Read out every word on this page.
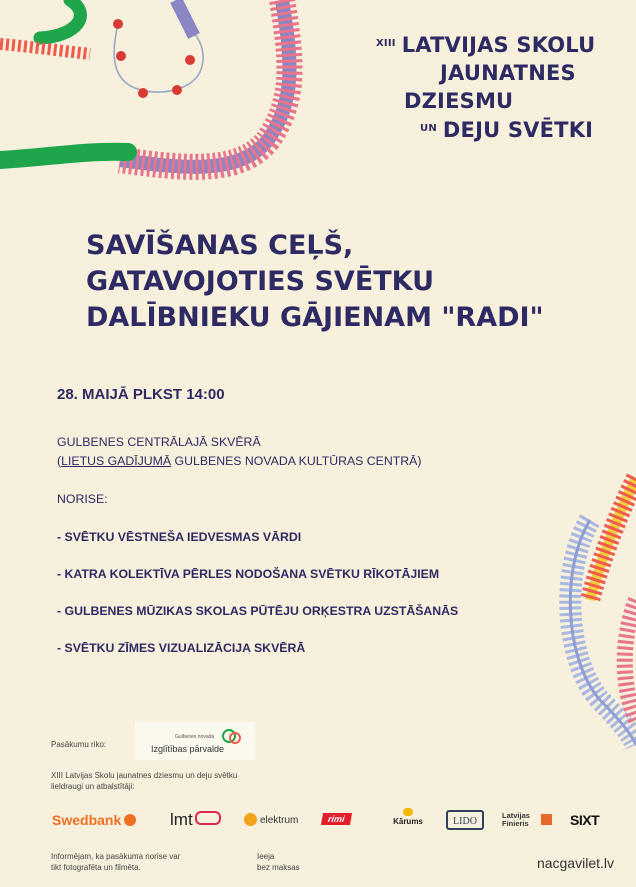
$^{XIII}$ LATVIJAS SKOLU
JAUNATNES
DZIESMU
$^{UN}$ DEJU SVĒTKI
SAVĪŠANAS CEĻŠ,
GATAVOJOTIES SVĒTKU
DALĪBNIEKU GĀJIENAM "RADI"
28. MAIJĀ PLKST 14:00
GULBENES CENTRĀLAJĀ SKVĒRĀ
(LIETUS GADĪJUMĀ GULBENES NOVADA KULTŪRAS CENTRĀ)
NORISE:
- SVĒTKU VĒSTNEŠA IEDVESMAS VĀRDI
- KATRA KOLEKTĪVA PĒRLES NODOŠANA SVĒTKU RĪKOTĀJIEM
- GULBENES MŪZIKAS SKOLAS PŪTĒJU ORĶESTRA UZSTĀŠANĀS
- SVĒTKU ZĪMES VIZUALIZĀCIJA SKVĒRĀ
Pasākumu riko:
Gulbenes novada
Izglītības pārvalde
XIII Latvijas Skolu jaunatnes dziesmu un deju svētku
lieldraugi un atbalstītāji:
Swedbank	lmt	elektrum	rimi	Kārums	LIDO
Latvijas Finieris	SIXT
Informējam, ka pasākuma norise var
tikt fotografēta un filmēta.
Ieeja
bez maksas	nacgavilet.lv
